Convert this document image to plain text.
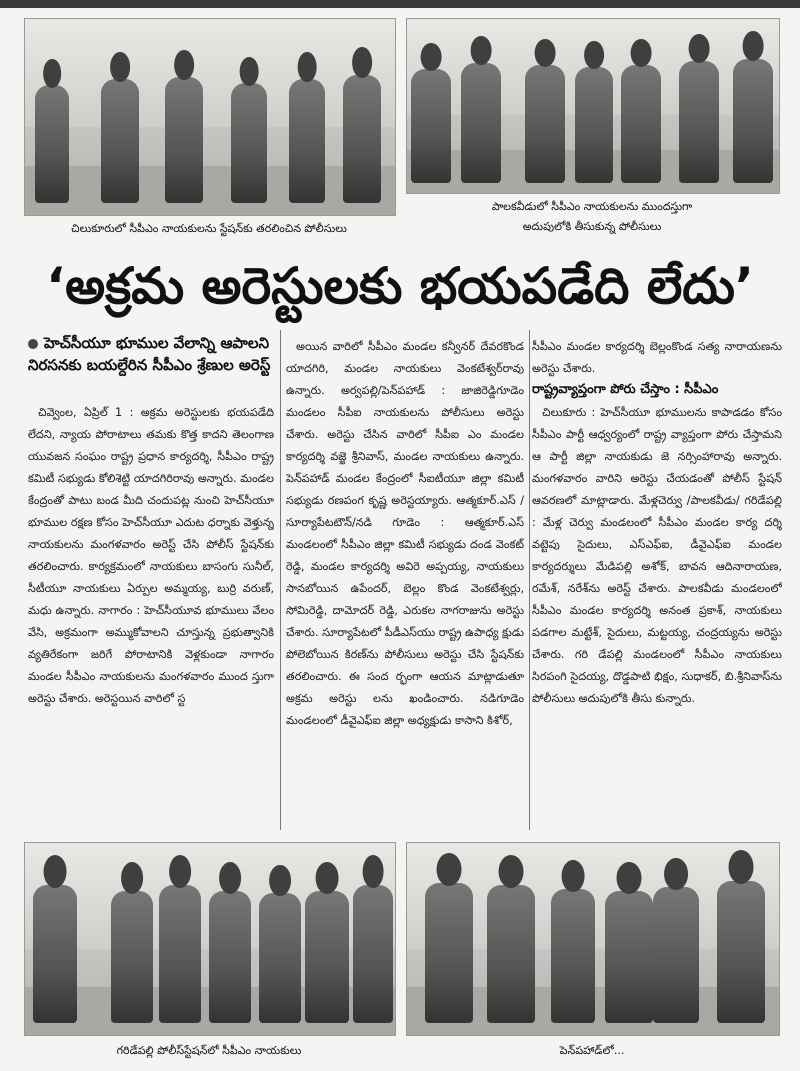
చిలుకూరులో సీపీఎం నాయకులను స్టేషన్‌కు తరలించిన పోలీసులు
పాలకవీడులో సీపీఎం నాయకులను ముందస్తుగా
అదుపులోకి తీసుకున్న పోలీసులు
‘అక్రమ అరెస్టులకు భయపడేది లేదు’
హెచ్‌సీయూ భూముల వేలాన్ని ఆపాలని నిరసనకు బయల్దేరిన సీపీఎం శ్రేణుల అరెస్ట్

చివ్వెంల, ఏప్రిల్ 1 : అక్రమ అరెస్టులకు భయపడేది లేదని, న్యాయ పోరాటాలు తమకు కొత్త కాదని తెలంగాణ యువజన సంఘం రాష్ట్ర ప్రధాన కార్యదర్శి, సీపీఎం రాష్ట్ర కమిటీ సభ్యుడు కోలిశెట్టి యాదగిరిరావు అన్నారు. మండల కేంద్రంతో పాటు బండ మీది చందుపట్ల నుంచి హెచ్‌సీయూ భూముల రక్షణ కోసం హెచ్‌సీయూ ఎదుట ధర్నాకు వెళ్తున్న నాయకులను మంగళవారం అరెస్ట్ చేసి పోలీస్ స్టేషన్‌కు తరలించారు. కార్యక్రమంలో నాయకులు బాసంగు సునీల్, సీటీయూ నాయకులు ఏర్పుల అమ్మయ్య, బుర్రి వరుణ్, మధు ఉన్నారు. నాగారం : హెచ్‌సీయూవ భూములు వేలం వేసి, అక్రమంగా అమ్ముకోవాలని చూస్తున్న ప్రభుత్వానికి వ్యతిరేకంగా జరిగే పోరాటానికి వెళ్లకుండా నాగారం మండల సీపీఎం నాయకులను మంగళవారం ముంద స్తుగా అరెస్టు చేశారు. అరెస్టయిన వారిలో స్ట

అయిన వారిలో సీపీఎం మండల కన్వీనర్ దేవరకొండ యాదగిరి, మండల నాయకులు వెంకటేశ్వర్‌రావు ఉన్నారు. అర్వపల్లి/పెన్‌పహాడ్ : జాజిరెడ్డిగూడెం మండలం సీపీఐ నాయకులను పోలీసులు అరెస్టు చేశారు. అరెస్టు చేసిన వారిలో సీపీఐ ఎం మండల కార్యదర్శి వజ్జె శ్రీనివాస్, మండల నాయకులు ఉన్నారు. పెన్‌పహాడ్ మండల కేంద్రంలో సీఐటీయూ జిల్లా కమిటీ సభ్యుడు రణపంగ కృష్ణ అరెస్టయ్యారు. ఆత్మకూర్.ఎస్ /సూర్యాపేటటౌన్/నడి గూడెం : ఆత్మకూర్.ఎస్ మండలంలో సీపీఎం జిల్లా కమిటీ సభ్యుడు దండ వెంకట్ రెడ్డి, మండల కార్యదర్శి అవిరె అప్పయ్య, నాయకులు సానబోయిన ఉపేందర్, బెల్లం కొండ వెంకటేశ్వర్లు, సోమిరెడ్డి, దామోదర్ రెడ్డి, ఎరుకల నాగరాజును అరెస్టు చేశారు. సూర్యాపేటలో పీడీఎస్‌యు రాష్ట్ర ఉపాధ్య క్షుడు పోలెబోయిన కిరణ్‌ను పోలీసులు అరెస్టు చేసి స్టేషన్‌కు తరలించారు. ఈ సంద ర్భంగా ఆయన మాట్లాడుతూ అక్రమ అరెస్టు లను ఖండించారు. నడిగూడెం మండలంలో డీవైఎఫ్ఐ జిల్లా అధ్యక్షుడు కాసాని కిశోర్,

సీపీఎం మండల కార్యదర్శి బెల్లంకొండ సత్య నారాయణను అరెస్టు చేశారు.

రాష్ట్రవ్యాప్తంగా పోరు చేస్తాం : సీపీఎం

చిలుకూరు : హెచ్‌సీయూ భూములను కాపాడడం కోసం సీపీఎం పార్టీ ఆధ్వర్యంలో రాష్ట్ర వ్యాప్తంగా పోరు చేస్తామని ఆ పార్టీ జిల్లా నాయకుడు జె నర్సింహారావు అన్నారు. మంగళవారం వారిని అరెస్టు చేయడంతో పోలీస్ స్టేషన్ ఆవరణలో మాట్లాడారు. మేళ్లచెర్వు /పాలకవీడు/ గరిడేపల్లి : మేళ్ల చెర్వు మండలంలో సీపీఎం మండల కార్య దర్శి వట్టెపు సైదులు, ఎస్‌ఎఫ్ఐ, డీవైఎఫ్ఐ మండల కార్యదర్శులు మేడిపల్లి అశోక్, బావన ఆదినారాయణ, రమేశ్, నరేశ్‌ను అరెస్ట్ చేశారు. పాలకవీడు మండలంలో సీపీఎం మండల కార్యదర్శి అనంత ప్రకాశ్, నాయకులు పడగాల మట్టేశ్, సైదులు, మట్టయ్య, చంద్రయ్యను అరెస్టు చేశారు. గరి డేపల్లి మండలంలో సీపీఎం నాయకులు సిరపంగి సైదయ్య, దొడ్డపాటి భిక్షం, సుధాకర్, బి.శ్రీనివాస్‌ను పోలీసులు అదుపులోకి తీసు కున్నారు.

గరిడేపల్లి పోలీస్‌స్టేషన్‌లో సీపీఎం నాయకులు	పెన్‌పహాడ్‌లో...
